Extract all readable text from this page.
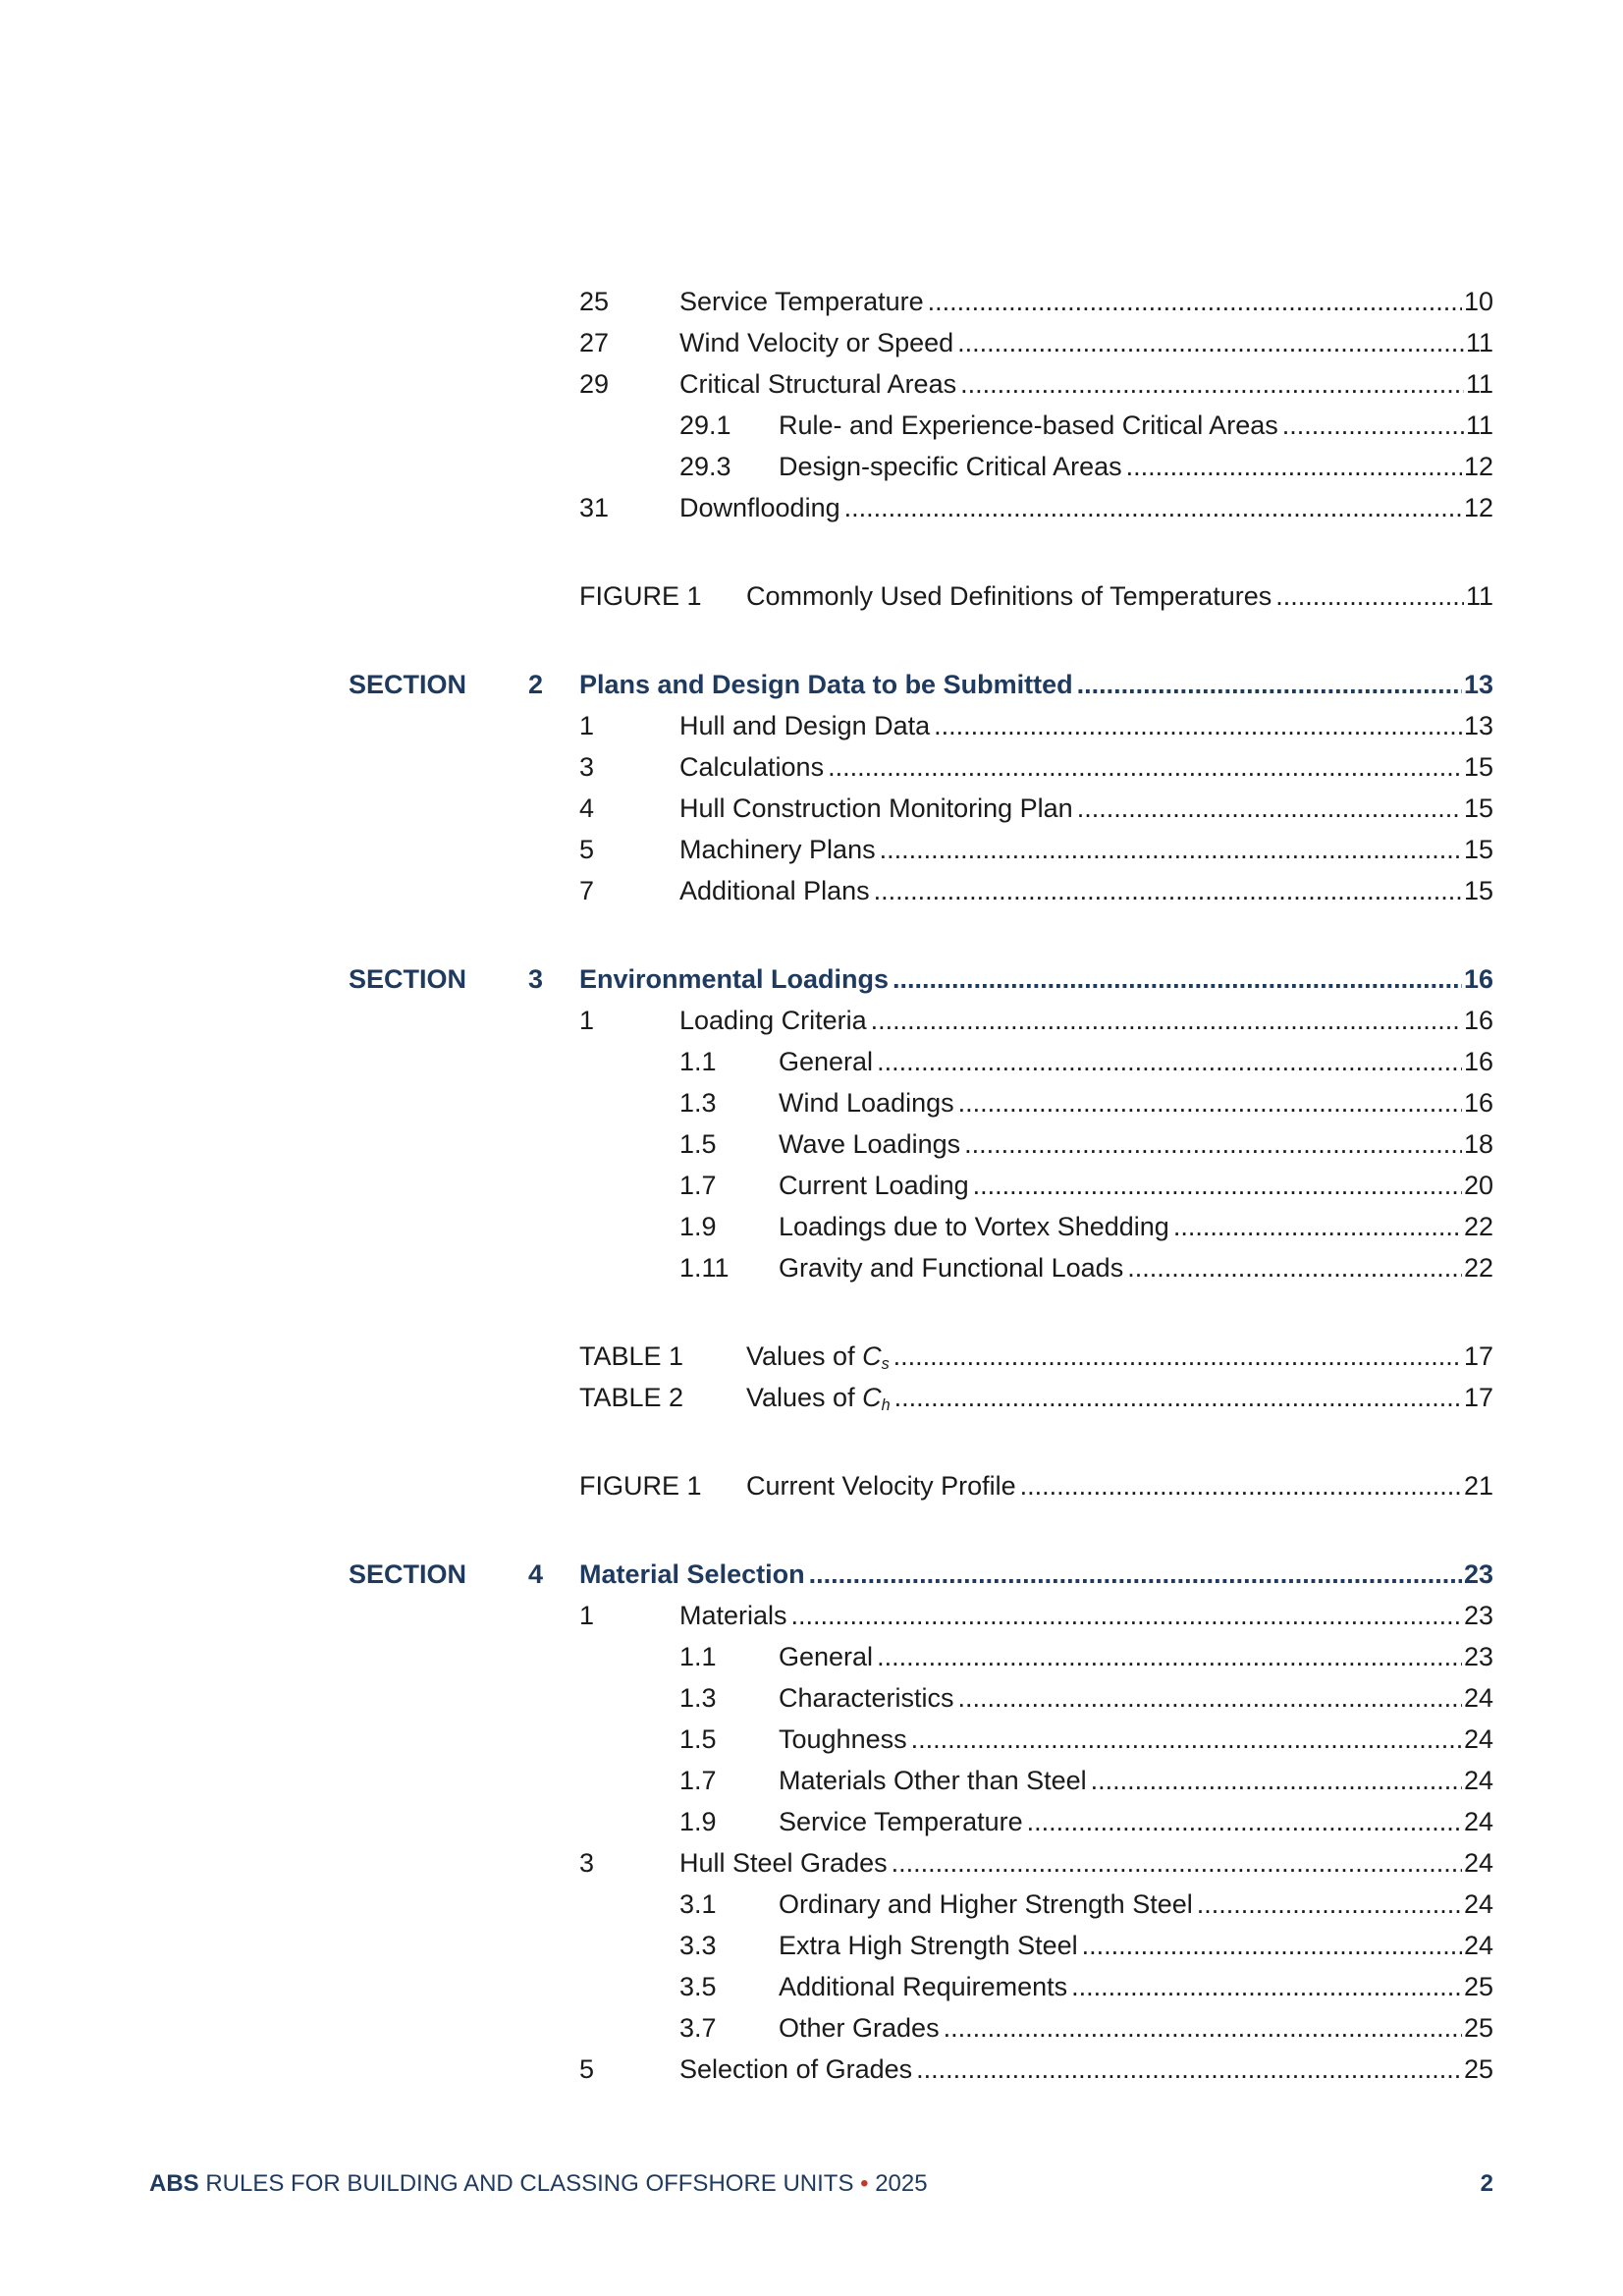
25	Service Temperature .....	10
27	Wind Velocity or Speed .....	11
29	Critical Structural Areas .....	11
29.1 Rule- and Experience-based Critical Areas .....	11
29.3 Design-specific Critical Areas .....	12
31	Downflooding .....	12
FIGURE 1 Commonly Used Definitions of Temperatures .....	11
SECTION 2 Plans and Design Data to be Submitted .....	13
1	Hull and Design Data .....	13
3	Calculations .....	15
4	Hull Construction Monitoring Plan .....	15
5	Machinery Plans .....	15
7	Additional Plans .....	15
SECTION 3 Environmental Loadings .....	16
1	Loading Criteria .....	16
1.1 General .....	16
1.3 Wind Loadings .....	16
1.5 Wave Loadings .....	18
1.7 Current Loading .....	20
1.9 Loadings due to Vortex Shedding .....	22
1.11 Gravity and Functional Loads .....	22
TABLE 1 Values of $C_s$ .....	17
TABLE 2 Values of $C_h$ .....	17
FIGURE 1 Current Velocity Profile .....	21
SECTION 4 Material Selection .....	23
1	Materials .....	23
1.1 General .....	23
1.3 Characteristics .....	24
1.5 Toughness .....	24
1.7 Materials Other than Steel .....	24
1.9 Service Temperature .....	24
3	Hull Steel Grades .....	24
3.1 Ordinary and Higher Strength Steel .....	24
3.3 Extra High Strength Steel .....	24
3.5 Additional Requirements .....	25
3.7 Other Grades .....	25
5	Selection of Grades .....	25
ABS RULES FOR BUILDING AND CLASSING OFFSHORE UNITS • 2025	2
